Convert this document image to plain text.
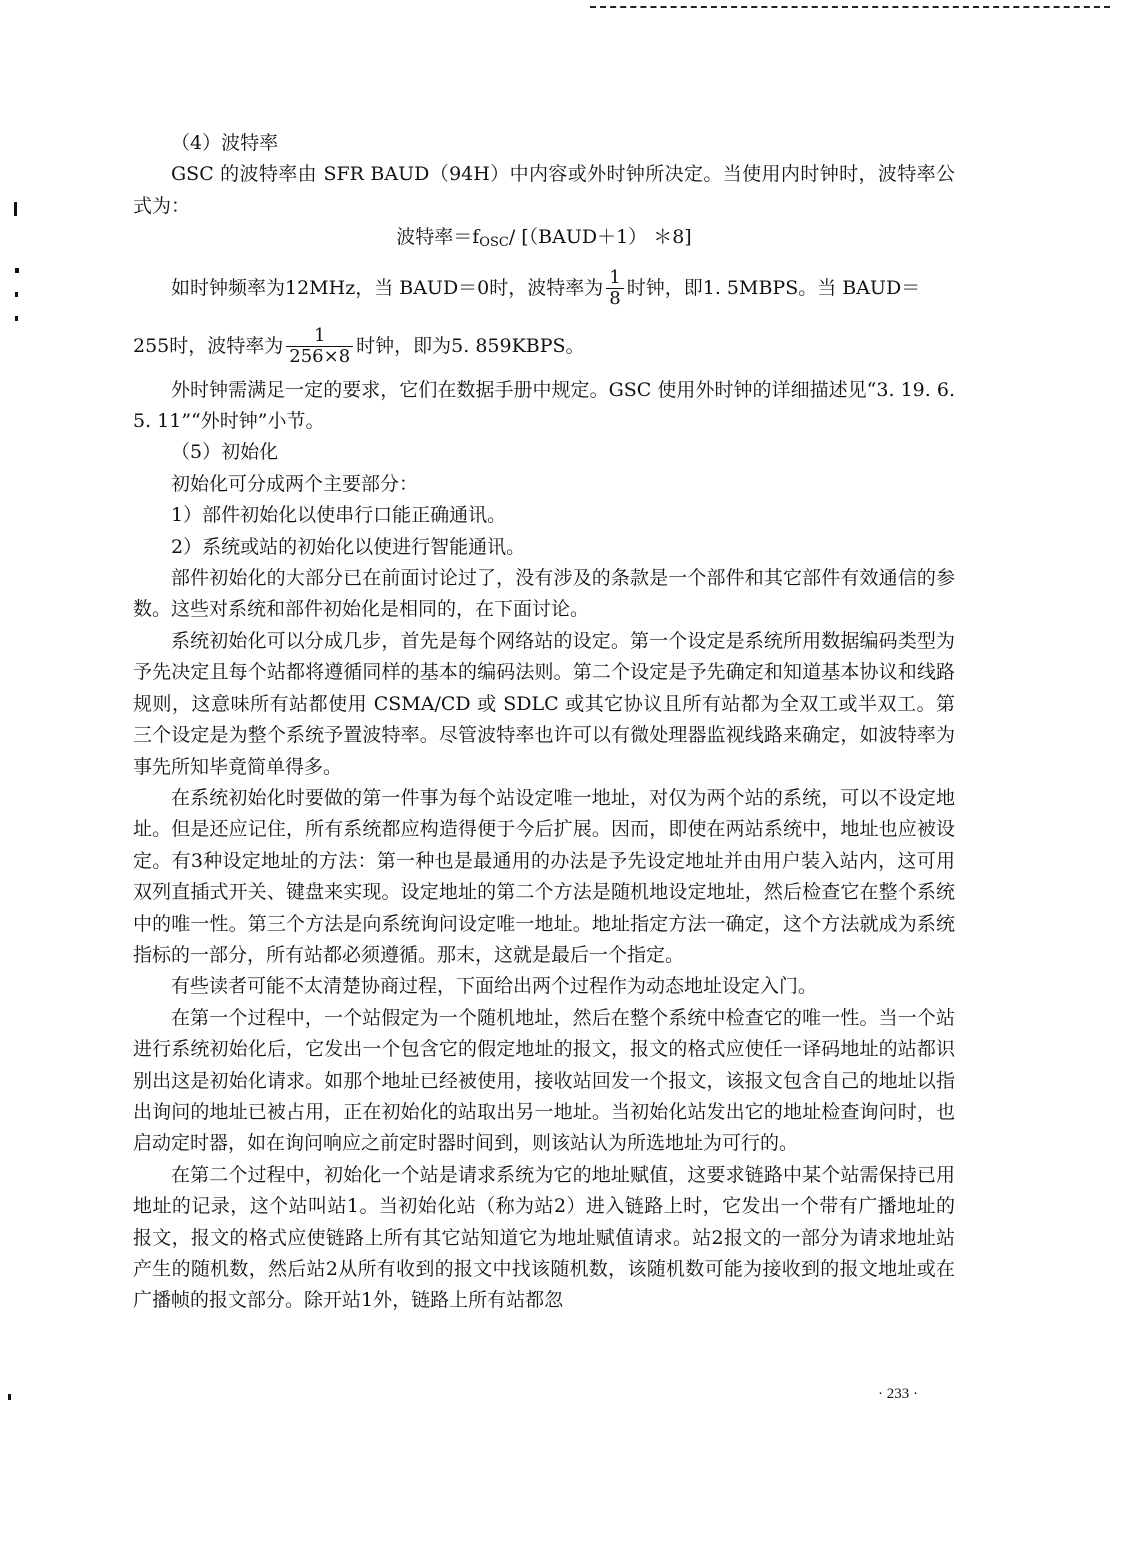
（4）波特率

GSC 的波特率由 SFR BAUD（94H）中内容或外时钟所决定。当使用内时钟时，波特率公式为：

波特率$=f_{OSC}/$ [（BAUD＋1） ＊8]

如时钟频率为12MHz，当 BAUD＝0时，波特率为 $\frac{1}{8}$ 时钟，即1. 5MBPS。当 BAUD＝

255时，波特率为 $\frac{1}{256\times 8}$ 时钟，即为5. 859KBPS。

外时钟需满足一定的要求，它们在数据手册中规定。GSC 使用外时钟的详细描述见“3. 19. 6. 5. 11”“外时钟”小节。

（5）初始化

初始化可分成两个主要部分：

1）部件初始化以使串行口能正确通讯。

2）系统或站的初始化以使进行智能通讯。

部件初始化的大部分已在前面讨论过了，没有涉及的条款是一个部件和其它部件有效通信的参数。这些对系统和部件初始化是相同的，在下面讨论。

系统初始化可以分成几步，首先是每个网络站的设定。第一个设定是系统所用数据编码类型为予先决定且每个站都将遵循同样的基本的编码法则。第二个设定是予先确定和知道基本协议和线路规则，这意味所有站都使用 CSMA/CD 或 SDLC 或其它协议且所有站都为全双工或半双工。第三个设定是为整个系统予置波特率。尽管波特率也许可以有微处理器监视线路来确定，如波特率为事先所知毕竟简单得多。

在系统初始化时要做的第一件事为每个站设定唯一地址，对仅为两个站的系统，可以不设定地址。但是还应记住，所有系统都应构造得便于今后扩展。因而，即使在两站系统中，地址也应被设定。有3种设定地址的方法：第一种也是最通用的办法是予先设定地址并由用户装入站内，这可用双列直插式开关、键盘来实现。设定地址的第二个方法是随机地设定地址，然后检查它在整个系统中的唯一性。第三个方法是向系统询问设定唯一地址。地址指定方法一确定，这个方法就成为系统指标的一部分，所有站都必须遵循。那末，这就是最后一个指定。

有些读者可能不太清楚协商过程，下面给出两个过程作为动态地址设定入门。

在第一个过程中，一个站假定为一个随机地址，然后在整个系统中检查它的唯一性。当一个站进行系统初始化后，它发出一个包含它的假定地址的报文，报文的格式应使任一译码地址的站都识别出这是初始化请求。如那个地址已经被使用，接收站回发一个报文，该报文包含自己的地址以指出询问的地址已被占用，正在初始化的站取出另一地址。当初始化站发出它的地址检查询问时，也启动定时器，如在询问响应之前定时器时间到，则该站认为所选地址为可行的。

在第二个过程中，初始化一个站是请求系统为它的地址赋值，这要求链路中某个站需保持已用地址的记录，这个站叫站1。当初始化站（称为站2）进入链路上时，它发出一个带有广播地址的报文，报文的格式应使链路上所有其它站知道它为地址赋值请求。站2报文的一部分为请求地址站产生的随机数，然后站2从所有收到的报文中找该随机数，该随机数可能为接收到的报文地址或在广播帧的报文部分。除开站1外，链路上所有站都忽

· 233 ·
